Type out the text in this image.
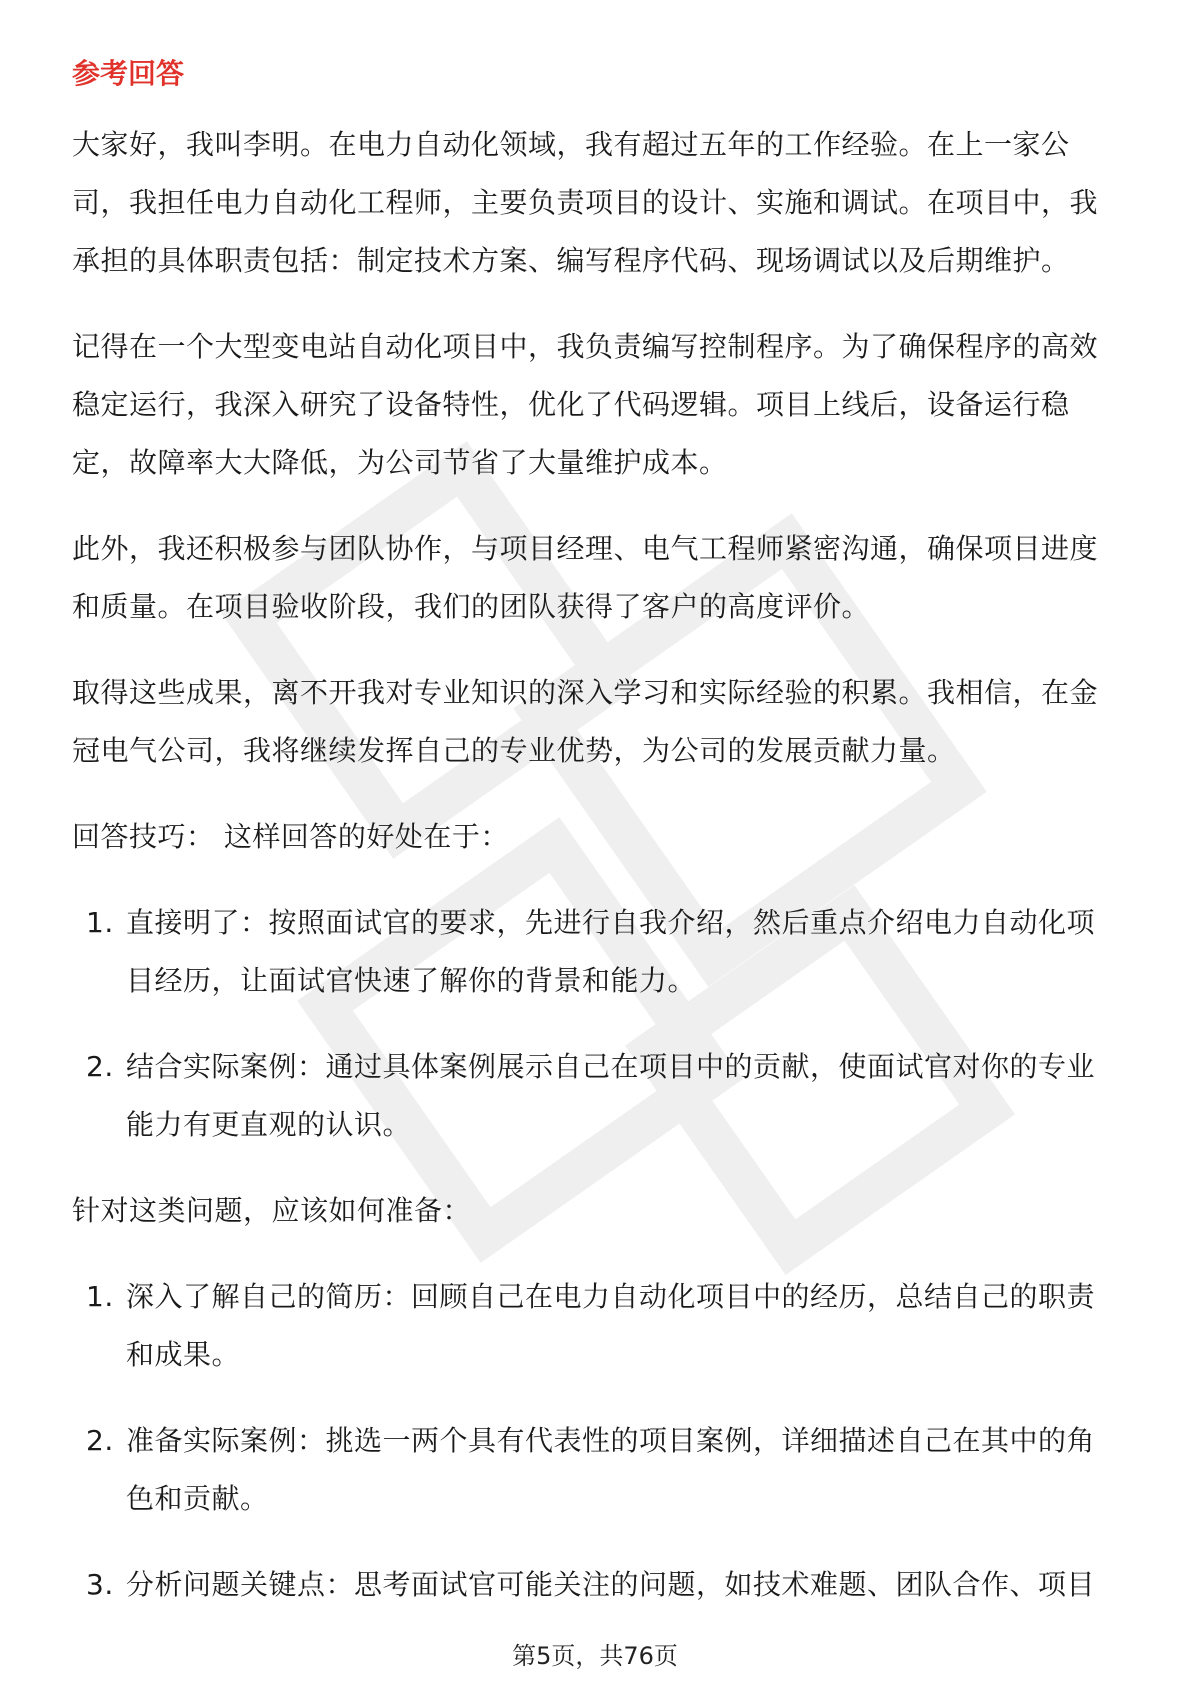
参考回答

大家好，我叫李明。在电力自动化领域，我有超过五年的工作经验。在上一家公司，我担任电力自动化工程师，主要负责项目的设计、实施和调试。在项目中，我承担的具体职责包括：制定技术方案、编写程序代码、现场调试以及后期维护。

记得在一个大型变电站自动化项目中，我负责编写控制程序。为了确保程序的高效稳定运行，我深入研究了设备特性，优化了代码逻辑。项目上线后，设备运行稳定，故障率大大降低，为公司节省了大量维护成本。

此外，我还积极参与团队协作，与项目经理、电气工程师紧密沟通，确保项目进度和质量。在项目验收阶段，我们的团队获得了客户的高度评价。

取得这些成果，离不开我对专业知识的深入学习和实际经验的积累。我相信，在金冠电气公司，我将继续发挥自己的专业优势，为公司的发展贡献力量。

回答技巧： 这样回答的好处在于：

1. 直接明了：按照面试官的要求，先进行自我介绍，然后重点介绍电力自动化项目经历，让面试官快速了解你的背景和能力。
2. 结合实际案例：通过具体案例展示自己在项目中的贡献，使面试官对你的专业能力有更直观的认识。

针对这类问题，应该如何准备：

1. 深入了解自己的简历：回顾自己在电力自动化项目中的经历，总结自己的职责和成果。
2. 准备实际案例：挑选一两个具有代表性的项目案例，详细描述自己在其中的角色和贡献。
3. 分析问题关键点：思考面试官可能关注的问题，如技术难题、团队合作、项目
第5页，共76页
